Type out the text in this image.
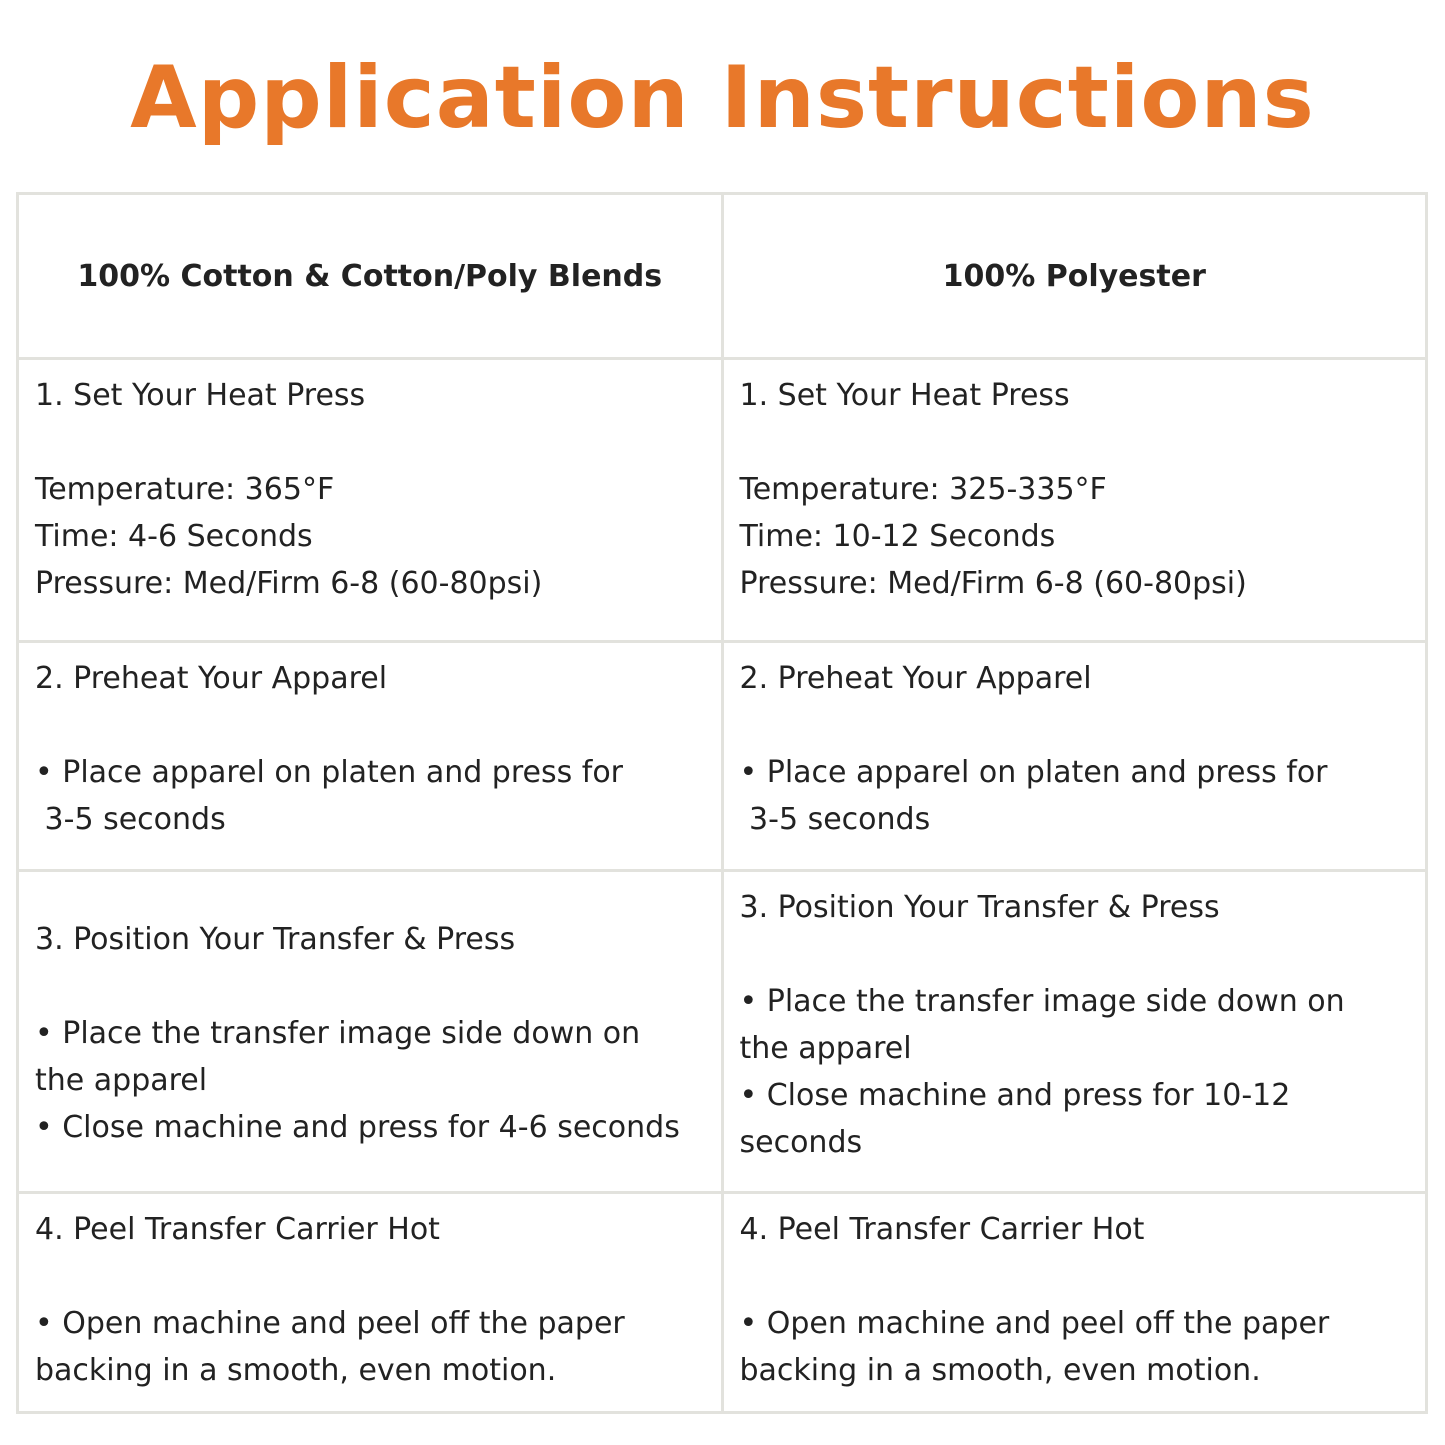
Application Instructions
100% Cotton & Cotton/Poly Blends	100% Polyester

1. Set Your Heat Press
Temperature: 365°F
Time: 4-6 Seconds
Pressure: Med/Firm 6-8 (60-80psi)	1. Set Your Heat Press
Temperature: 325-335°F
Time: 10-12 Seconds
Pressure: Med/Firm 6-8 (60-80psi)

2. Preheat Your Apparel
• Place apparel on platen and press for
3-5 seconds	2. Preheat Your Apparel
• Place apparel on platen and press for
3-5 seconds

3. Position Your Transfer & Press
• Place the transfer image side down on
the apparel
• Close machine and press for 4-6 seconds	3. Position Your Transfer & Press
• Place the transfer image side down on
the apparel
• Close machine and press for 10-12
seconds

4. Peel Transfer Carrier Hot
• Open machine and peel off the paper
backing in a smooth, even motion.	4. Peel Transfer Carrier Hot
• Open machine and peel off the paper
backing in a smooth, even motion.
